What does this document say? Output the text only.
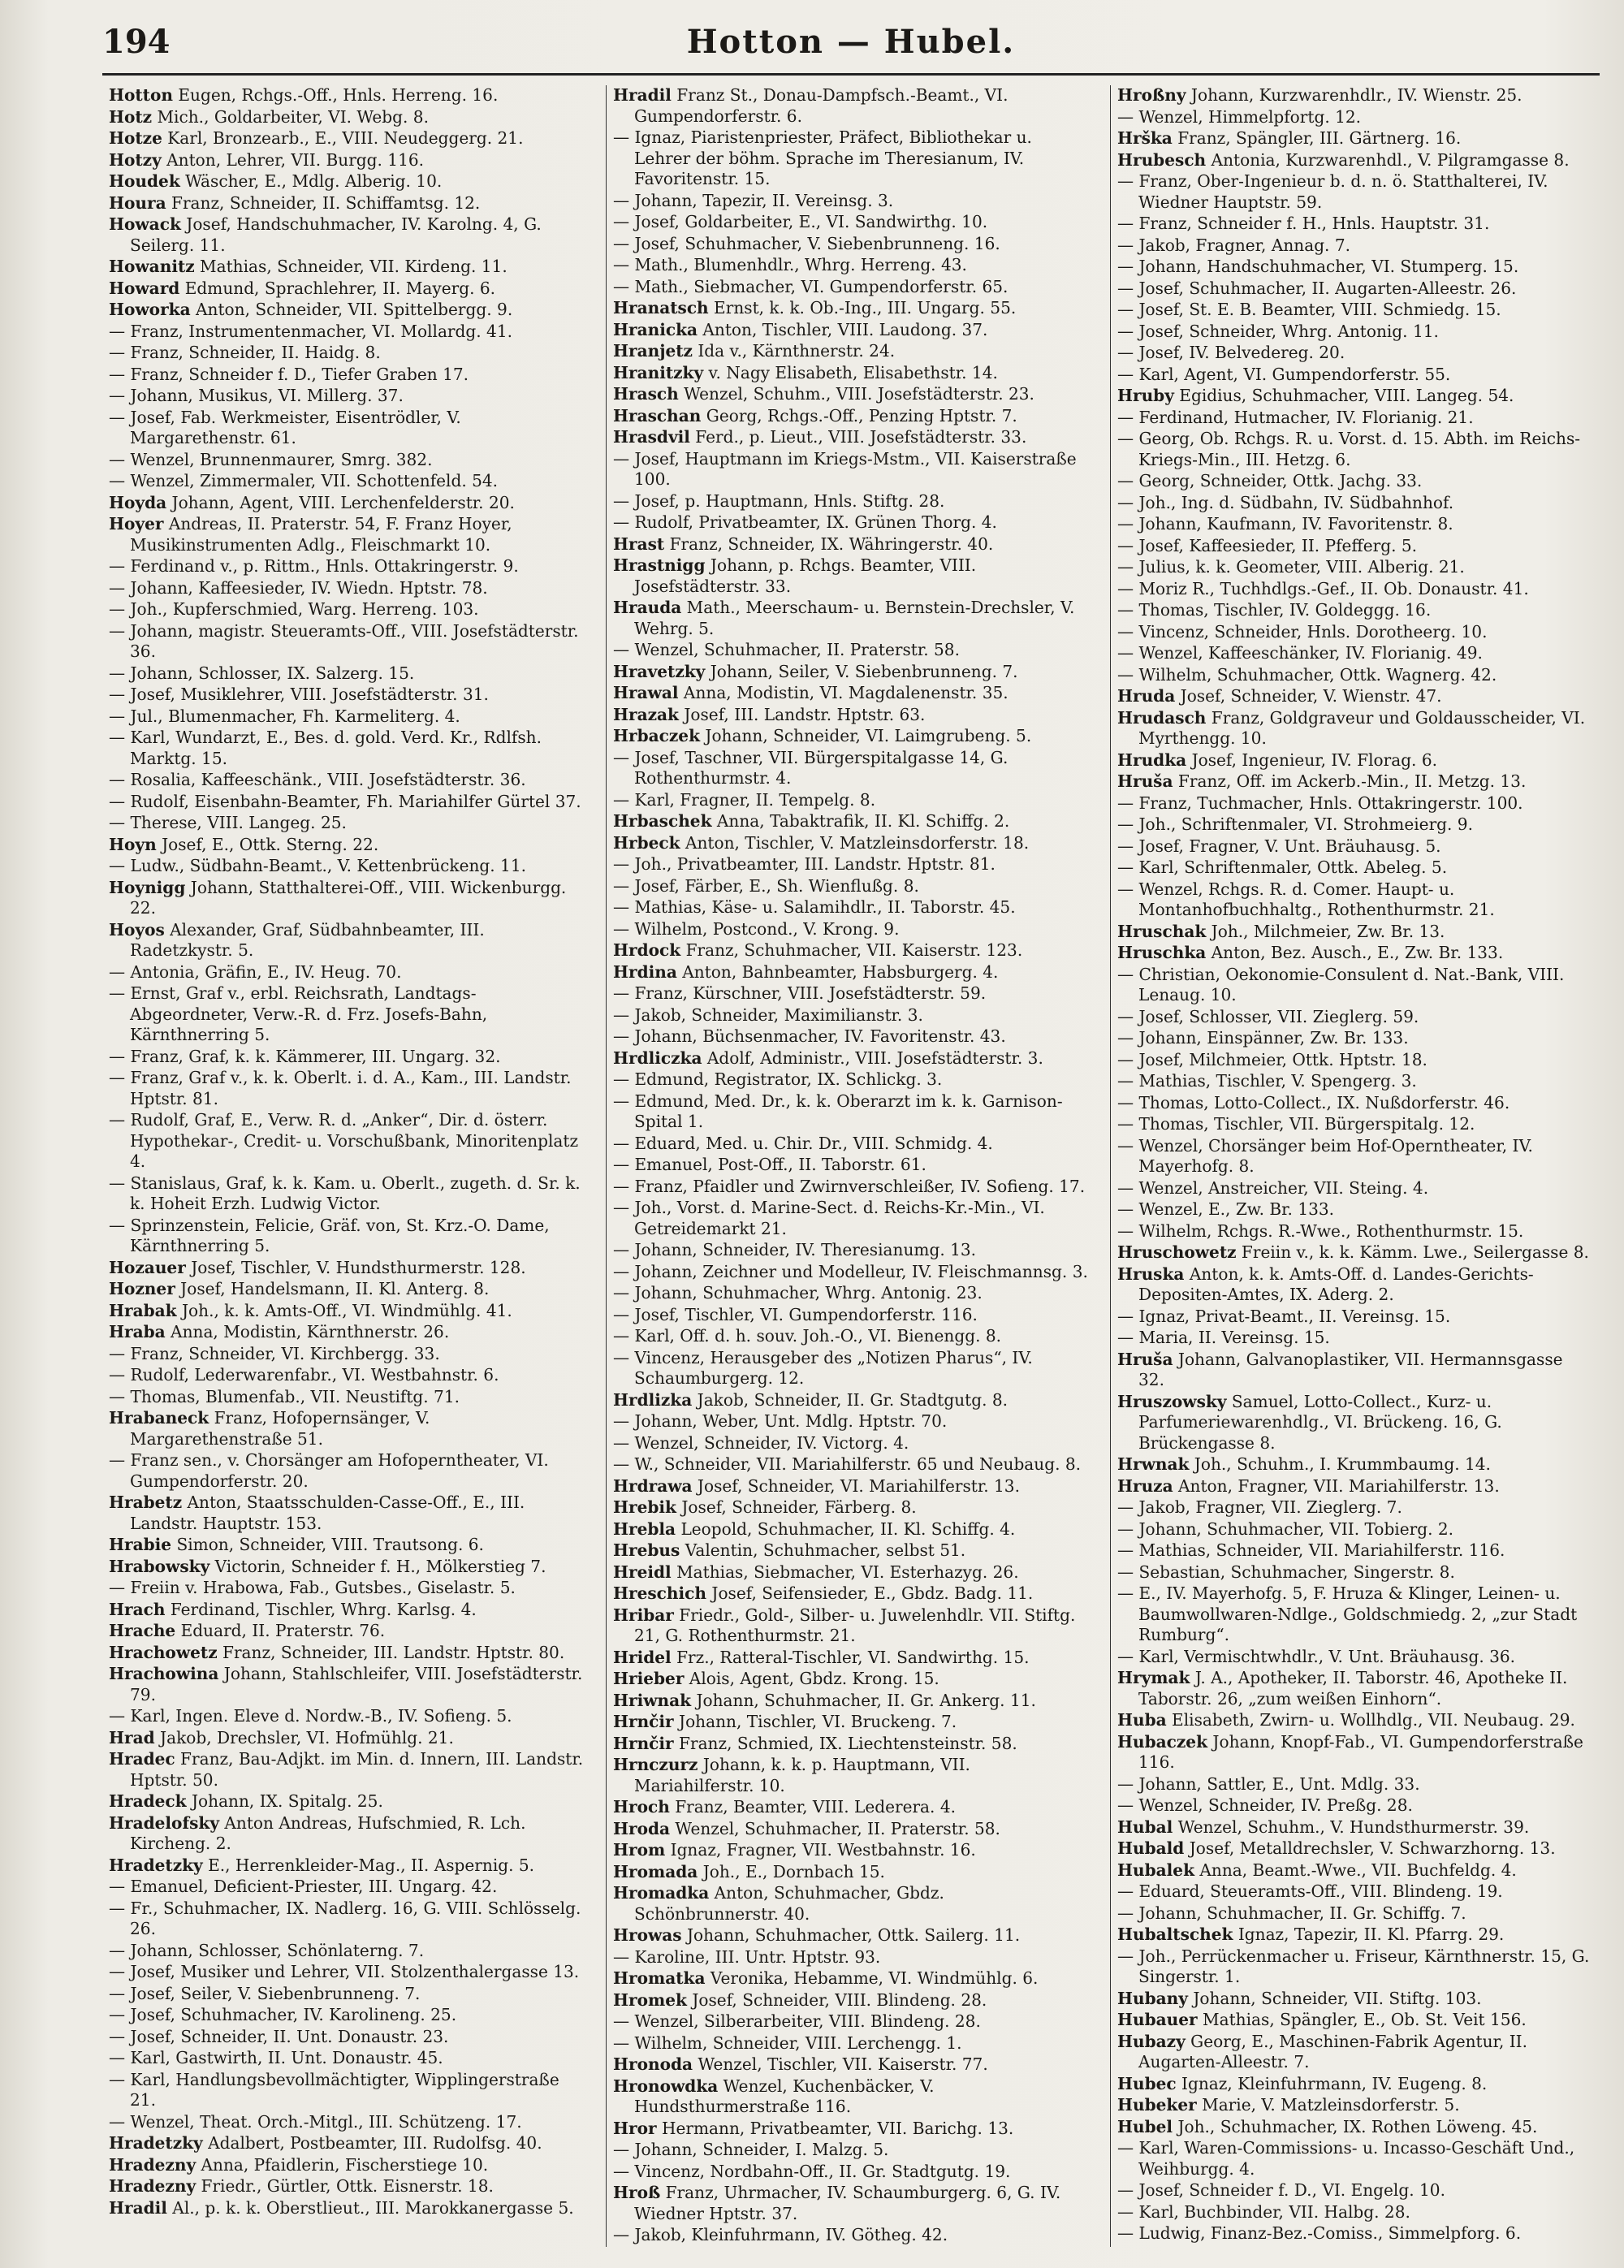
194	Hotton — Hubel.
Hotton Eugen, Rchgs.-Off., Hnls. Herreng. 16.
Hotz Mich., Goldarbeiter, VI. Webg. 8.
Hotze Karl, Bronzearb., E., VIII. Neudeggerg. 21.
Hotzy Anton, Lehrer, VII. Burgg. 116.
Houdek Wäscher, E., Mdlg. Alberig. 10.
Houra Franz, Schneider, II. Schiffamtsg. 12.
Howack Josef, Handschuhmacher, IV. Karolng. 4, G. Seilerg. 11.
Howanitz Mathias, Schneider, VII. Kirdeng. 11.
Howard Edmund, Sprachlehrer, II. Mayerg. 6.
Howorka Anton, Schneider, VII. Spittelbergg. 9.
— Franz, Instrumentenmacher, VI. Mollardg. 41.
— Franz, Schneider, II. Haidg. 8.
— Franz, Schneider f. D., Tiefer Graben 17.
— Johann, Musikus, VI. Millerg. 37.
— Josef, Fab. Werkmeister, Eisentrödler, V. Margarethenstr. 61.
— Wenzel, Brunnenmaurer, Smrg. 382.
— Wenzel, Zimmermaler, VII. Schottenfeld. 54.
Hoyda Johann, Agent, VIII. Lerchenfelderstr. 20.
Hoyer Andreas, II. Praterstr. 54, F. Franz Hoyer, Musikinstrumenten Adlg., Fleischmarkt 10.
— Ferdinand v., p. Rittm., Hnls. Ottakringerstr. 9.
— Johann, Kaffeesieder, IV. Wiedn. Hptstr. 78.
— Joh., Kupferschmied, Warg. Herreng. 103.
— Johann, magistr. Steueramts-Off., VIII. Josefstädterstr. 36.
— Johann, Schlosser, IX. Salzerg. 15.
— Josef, Musiklehrer, VIII. Josefstädterstr. 31.
— Jul., Blumenmacher, Fh. Karmeliterg. 4.
— Karl, Wundarzt, E., Bes. d. gold. Verd. Kr., Rdlfsh. Marktg. 15.
— Rosalia, Kaffeeschänk., VIII. Josefstädterstr. 36.
— Rudolf, Eisenbahn-Beamter, Fh. Mariahilfer Gürtel 37.
— Therese, VIII. Langeg. 25.
Hoyn Josef, E., Ottk. Sterng. 22.
— Ludw., Südbahn-Beamt., V. Kettenbrückeng. 11.
Hoynigg Johann, Statthalterei-Off., VIII. Wickenburgg. 22.
Hoyos Alexander, Graf, Südbahnbeamter, III. Radetzkystr. 5.
— Antonia, Gräfin, E., IV. Heug. 70.
— Ernst, Graf v., erbl. Reichsrath, Landtags-Abgeordneter, Verw.-R. d. Frz. Josefs-Bahn, Kärnthnerring 5.
— Franz, Graf, k. k. Kämmerer, III. Ungarg. 32.
— Franz, Graf v., k. k. Oberlt. i. d. A., Kam., III. Landstr. Hptstr. 81.
— Rudolf, Graf, E., Verw. R. d. „Anker“, Dir. d. österr. Hypothekar-, Credit- u. Vorschußbank, Minoritenplatz 4.
— Stanislaus, Graf, k. k. Kam. u. Oberlt., zugeth. d. Sr. k. k. Hoheit Erzh. Ludwig Victor.
— Sprinzenstein, Felicie, Gräf. von, St. Krz.-O. Dame, Kärnthnerring 5.
Hozauer Josef, Tischler, V. Hundsthurmerstr. 128.
Hozner Josef, Handelsmann, II. Kl. Anterg. 8.
Hrabak Joh., k. k. Amts-Off., VI. Windmühlg. 41.
Hraba Anna, Modistin, Kärnthnerstr. 26.
— Franz, Schneider, VI. Kirchbergg. 33.
— Rudolf, Lederwarenfabr., VI. Westbahnstr. 6.
— Thomas, Blumenfab., VII. Neustiftg. 71.
Hrabaneck Franz, Hofopernsänger, V. Margarethenstraße 51.
— Franz sen., v. Chorsänger am Hofoperntheater, VI. Gumpendorferstr. 20.
Hrabetz Anton, Staatsschulden-Casse-Off., E., III. Landstr. Hauptstr. 153.
Hrabie Simon, Schneider, VIII. Trautsong. 6.
Hrabowsky Victorin, Schneider f. H., Mölkerstieg 7.
— Freiin v. Hrabowa, Fab., Gutsbes., Giselastr. 5.
Hrach Ferdinand, Tischler, Whrg. Karlsg. 4.
Hrache Eduard, II. Praterstr. 76.
Hrachowetz Franz, Schneider, III. Landstr. Hptstr. 80.
Hrachowina Johann, Stahlschleifer, VIII. Josefstädterstr. 79.
— Karl, Ingen. Eleve d. Nordw.-B., IV. Sofieng. 5.
Hrad Jakob, Drechsler, VI. Hofmühlg. 21.
Hradec Franz, Bau-Adjkt. im Min. d. Innern, III. Landstr. Hptstr. 50.
Hradeck Johann, IX. Spitalg. 25.
Hradelofsky Anton Andreas, Hufschmied, R. Lch. Kircheng. 2.
Hradetzky E., Herrenkleider-Mag., II. Aspernig. 5.
— Emanuel, Deficient-Priester, III. Ungarg. 42.
— Fr., Schuhmacher, IX. Nadlerg. 16, G. VIII. Schlösselg. 26.
— Johann, Schlosser, Schönlaterng. 7.
— Josef, Musiker und Lehrer, VII. Stolzenthalergasse 13.
— Josef, Seiler, V. Siebenbrunneng. 7.
— Josef, Schuhmacher, IV. Karolineng. 25.
— Josef, Schneider, II. Unt. Donaustr. 23.
— Karl, Gastwirth, II. Unt. Donaustr. 45.
— Karl, Handlungsbevollmächtigter, Wipplingerstraße 21.
— Wenzel, Theat. Orch.-Mitgl., III. Schützeng. 17.
Hradetzky Adalbert, Postbeamter, III. Rudolfsg. 40.
Hradezny Anna, Pfaidlerin, Fischerstiege 10.
Hradezny Friedr., Gürtler, Ottk. Eisnerstr. 18.
Hradil Al., p. k. k. Oberstlieut., III. Marokkanergasse 5.
Hradil Franz St., Donau-Dampfsch.-Beamt., VI. Gumpendorferstr. 6.
— Ignaz, Piaristenpriester, Präfect, Bibliothekar u. Lehrer der böhm. Sprache im Theresianum, IV. Favoritenstr. 15.
— Johann, Tapezir, II. Vereinsg. 3.
— Josef, Goldarbeiter, E., VI. Sandwirthg. 10.
— Josef, Schuhmacher, V. Siebenbrunneng. 16.
— Math., Blumenhdlr., Whrg. Herreng. 43.
— Math., Siebmacher, VI. Gumpendorferstr. 65.
Hranatsch Ernst, k. k. Ob.-Ing., III. Ungarg. 55.
Hranicka Anton, Tischler, VIII. Laudong. 37.
Hranjetz Ida v., Kärnthnerstr. 24.
Hranitzky v. Nagy Elisabeth, Elisabethstr. 14.
Hrasch Wenzel, Schuhm., VIII. Josefstädterstr. 23.
Hraschan Georg, Rchgs.-Off., Penzing Hptstr. 7.
Hrasdvil Ferd., p. Lieut., VIII. Josefstädterstr. 33.
— Josef, Hauptmann im Kriegs-Mstm., VII. Kaiserstraße 100.
— Josef, p. Hauptmann, Hnls. Stiftg. 28.
— Rudolf, Privatbeamter, IX. Grünen Thorg. 4.
Hrast Franz, Schneider, IX. Währingerstr. 40.
Hrastnigg Johann, p. Rchgs. Beamter, VIII. Josefstädterstr. 33.
Hrauda Math., Meerschaum- u. Bernstein-Drechsler, V. Wehrg. 5.
— Wenzel, Schuhmacher, II. Praterstr. 58.
Hravetzky Johann, Seiler, V. Siebenbrunneng. 7.
Hrawal Anna, Modistin, VI. Magdalenenstr. 35.
Hrazak Josef, III. Landstr. Hptstr. 63.
Hrbaczek Johann, Schneider, VI. Laimgrubeng. 5.
— Josef, Taschner, VII. Bürgerspitalgasse 14, G. Rothenthurmstr. 4.
— Karl, Fragner, II. Tempelg. 8.
Hrbaschek Anna, Tabaktrafik, II. Kl. Schiffg. 2.
Hrbeck Anton, Tischler, V. Matzleinsdorferstr. 18.
— Joh., Privatbeamter, III. Landstr. Hptstr. 81.
— Josef, Färber, E., Sh. Wienflußg. 8.
— Mathias, Käse- u. Salamihdlr., II. Taborstr. 45.
— Wilhelm, Postcond., V. Krong. 9.
Hrdock Franz, Schuhmacher, VII. Kaiserstr. 123.
Hrdina Anton, Bahnbeamter, Habsburgerg. 4.
— Franz, Kürschner, VIII. Josefstädterstr. 59.
— Jakob, Schneider, Maximilianstr. 3.
— Johann, Büchsenmacher, IV. Favoritenstr. 43.
Hrdliczka Adolf, Administr., VIII. Josefstädterstr. 3.
— Edmund, Registrator, IX. Schlickg. 3.
— Edmund, Med. Dr., k. k. Oberarzt im k. k. Garnison-Spital 1.
— Eduard, Med. u. Chir. Dr., VIII. Schmidg. 4.
— Emanuel, Post-Off., II. Taborstr. 61.
— Franz, Pfaidler und Zwirnverschleißer, IV. Sofieng. 17.
— Joh., Vorst. d. Marine-Sect. d. Reichs-Kr.-Min., VI. Getreidemarkt 21.
— Johann, Schneider, IV. Theresianumg. 13.
— Johann, Zeichner und Modelleur, IV. Fleischmannsg. 3.
— Johann, Schuhmacher, Whrg. Antonig. 23.
— Josef, Tischler, VI. Gumpendorferstr. 116.
— Karl, Off. d. h. souv. Joh.-O., VI. Bienengg. 8.
— Vincenz, Herausgeber des „Notizen Pharus“, IV. Schaumburgerg. 12.
Hrdlizka Jakob, Schneider, II. Gr. Stadtgutg. 8.
— Johann, Weber, Unt. Mdlg. Hptstr. 70.
— Wenzel, Schneider, IV. Victorg. 4.
— W., Schneider, VII. Mariahilferstr. 65 und Neubaug. 8.
Hrdrawa Josef, Schneider, VI. Mariahilferstr. 13.
Hrebik Josef, Schneider, Färberg. 8.
Hrebla Leopold, Schuhmacher, II. Kl. Schiffg. 4.
Hrebus Valentin, Schuhmacher, selbst 51.
Hreidl Mathias, Siebmacher, VI. Esterhazyg. 26.
Hreschich Josef, Seifensieder, E., Gbdz. Badg. 11.
Hribar Friedr., Gold-, Silber- u. Juwelenhdlr. VII. Stiftg. 21, G. Rothenthurmstr. 21.
Hridel Frz., Ratteral-Tischler, VI. Sandwirthg. 15.
Hrieber Alois, Agent, Gbdz. Krong. 15.
Hriwnak Johann, Schuhmacher, II. Gr. Ankerg. 11.
Hrnčir Johann, Tischler, VI. Bruckeng. 7.
Hrnčir Franz, Schmied, IX. Liechtensteinstr. 58.
Hrnczurz Johann, k. k. p. Hauptmann, VII. Mariahilferstr. 10.
Hroch Franz, Beamter, VIII. Lederera. 4.
Hroda Wenzel, Schuhmacher, II. Praterstr. 58.
Hrom Ignaz, Fragner, VII. Westbahnstr. 16.
Hromada Joh., E., Dornbach 15.
Hromadka Anton, Schuhmacher, Gbdz. Schönbrunnerstr. 40.
Hrowas Johann, Schuhmacher, Ottk. Sailerg. 11.
— Karoline, III. Untr. Hptstr. 93.
Hromatka Veronika, Hebamme, VI. Windmühlg. 6.
Hromek Josef, Schneider, VIII. Blindeng. 28.
— Wenzel, Silberarbeiter, VIII. Blindeng. 28.
— Wilhelm, Schneider, VIII. Lerchengg. 1.
Hronoda Wenzel, Tischler, VII. Kaiserstr. 77.
Hronowdka Wenzel, Kuchenbäcker, V. Hundsthurmerstraße 116.
Hror Hermann, Privatbeamter, VII. Barichg. 13.
— Johann, Schneider, I. Malzg. 5.
— Vincenz, Nordbahn-Off., II. Gr. Stadtgutg. 19.
Hroß Franz, Uhrmacher, IV. Schaumburgerg. 6, G. IV. Wiedner Hptstr. 37.
— Jakob, Kleinfuhrmann, IV. Götheg. 42.
Hroßny Johann, Kurzwarenhdlr., IV. Wienstr. 25.
— Wenzel, Himmelpfortg. 12.
Hrška Franz, Spängler, III. Gärtnerg. 16.
Hrubesch Antonia, Kurzwarenhdl., V. Pilgramgasse 8.
— Franz, Ober-Ingenieur b. d. n. ö. Statthalterei, IV. Wiedner Hauptstr. 59.
— Franz, Schneider f. H., Hnls. Hauptstr. 31.
— Jakob, Fragner, Annag. 7.
— Johann, Handschuhmacher, VI. Stumperg. 15.
— Josef, Schuhmacher, II. Augarten-Alleestr. 26.
— Josef, St. E. B. Beamter, VIII. Schmiedg. 15.
— Josef, Schneider, Whrg. Antonig. 11.
— Josef, IV. Belvedereg. 20.
— Karl, Agent, VI. Gumpendorferstr. 55.
Hruby Egidius, Schuhmacher, VIII. Langeg. 54.
— Ferdinand, Hutmacher, IV. Florianig. 21.
— Georg, Ob. Rchgs. R. u. Vorst. d. 15. Abth. im Reichs-Kriegs-Min., III. Hetzg. 6.
— Georg, Schneider, Ottk. Jachg. 33.
— Joh., Ing. d. Südbahn, IV. Südbahnhof.
— Johann, Kaufmann, IV. Favoritenstr. 8.
— Josef, Kaffeesieder, II. Pfefferg. 5.
— Julius, k. k. Geometer, VIII. Alberig. 21.
— Moriz R., Tuchhdlgs.-Gef., II. Ob. Donaustr. 41.
— Thomas, Tischler, IV. Goldeggg. 16.
— Vincenz, Schneider, Hnls. Dorotheerg. 10.
— Wenzel, Kaffeeschänker, IV. Florianig. 49.
— Wilhelm, Schuhmacher, Ottk. Wagnerg. 42.
Hruda Josef, Schneider, V. Wienstr. 47.
Hrudasch Franz, Goldgraveur und Goldausscheider, VI. Myrthengg. 10.
Hrudka Josef, Ingenieur, IV. Florag. 6.
Hruša Franz, Off. im Ackerb.-Min., II. Metzg. 13.
— Franz, Tuchmacher, Hnls. Ottakringerstr. 100.
— Joh., Schriftenmaler, VI. Strohmeierg. 9.
— Josef, Fragner, V. Unt. Bräuhausg. 5.
— Karl, Schriftenmaler, Ottk. Abeleg. 5.
— Wenzel, Rchgs. R. d. Comer. Haupt- u. Montanhofbuchhaltg., Rothenthurmstr. 21.
Hruschak Joh., Milchmeier, Zw. Br. 13.
Hruschka Anton, Bez. Ausch., E., Zw. Br. 133.
— Christian, Oekonomie-Consulent d. Nat.-Bank, VIII. Lenaug. 10.
— Josef, Schlosser, VII. Zieglerg. 59.
— Johann, Einspänner, Zw. Br. 133.
— Josef, Milchmeier, Ottk. Hptstr. 18.
— Mathias, Tischler, V. Spengerg. 3.
— Thomas, Lotto-Collect., IX. Nußdorferstr. 46.
— Thomas, Tischler, VII. Bürgerspitalg. 12.
— Wenzel, Chorsänger beim Hof-Operntheater, IV. Mayerhofg. 8.
— Wenzel, Anstreicher, VII. Steing. 4.
— Wenzel, E., Zw. Br. 133.
— Wilhelm, Rchgs. R.-Wwe., Rothenthurmstr. 15.
Hruschowetz Freiin v., k. k. Kämm. Lwe., Seilergasse 8.
Hruska Anton, k. k. Amts-Off. d. Landes-Gerichts-Depositen-Amtes, IX. Aderg. 2.
— Ignaz, Privat-Beamt., II. Vereinsg. 15.
— Maria, II. Vereinsg. 15.
Hruša Johann, Galvanoplastiker, VII. Hermannsgasse 32.
Hruszowsky Samuel, Lotto-Collect., Kurz- u. Parfumeriewarenhdlg., VI. Brückeng. 16, G. Brückengasse 8.
Hrwnak Joh., Schuhm., I. Krummbaumg. 14.
Hruza Anton, Fragner, VII. Mariahilferstr. 13.
— Jakob, Fragner, VII. Zieglerg. 7.
— Johann, Schuhmacher, VII. Tobierg. 2.
— Mathias, Schneider, VII. Mariahilferstr. 116.
— Sebastian, Schuhmacher, Singerstr. 8.
— E., IV. Mayerhofg. 5, F. Hruza & Klinger, Leinen- u. Baumwollwaren-Ndlge., Goldschmiedg. 2, „zur Stadt Rumburg“.
— Karl, Vermischtwhdlr., V. Unt. Bräuhausg. 36.
Hrymak J. A., Apotheker, II. Taborstr. 46, Apotheke II. Taborstr. 26, „zum weißen Einhorn“.
Huba Elisabeth, Zwirn- u. Wollhdlg., VII. Neubaug. 29.
Hubaczek Johann, Knopf-Fab., VI. Gumpendorferstraße 116.
— Johann, Sattler, E., Unt. Mdlg. 33.
— Wenzel, Schneider, IV. Preßg. 28.
Hubal Wenzel, Schuhm., V. Hundsthurmerstr. 39.
Hubald Josef, Metalldrechsler, V. Schwarzhorng. 13.
Hubalek Anna, Beamt.-Wwe., VII. Buchfeldg. 4.
— Eduard, Steueramts-Off., VIII. Blindeng. 19.
— Johann, Schuhmacher, II. Gr. Schiffg. 7.
Hubaltschek Ignaz, Tapezir, II. Kl. Pfarrg. 29.
— Joh., Perrückenmacher u. Friseur, Kärnthnerstr. 15, G. Singerstr. 1.
Hubany Johann, Schneider, VII. Stiftg. 103.
Hubauer Mathias, Spängler, E., Ob. St. Veit 156.
Hubazy Georg, E., Maschinen-Fabrik Agentur, II. Augarten-Alleestr. 7.
Hubec Ignaz, Kleinfuhrmann, IV. Eugeng. 8.
Hubeker Marie, V. Matzleinsdorferstr. 5.
Hubel Joh., Schuhmacher, IX. Rothen Löweng. 45.
— Karl, Waren-Commissions- u. Incasso-Geschäft Und., Weihburgg. 4.
— Josef, Schneider f. D., VI. Engelg. 10.
— Karl, Buchbinder, VII. Halbg. 28.
— Ludwig, Finanz-Bez.-Comiss., Simmelpforg. 6.
